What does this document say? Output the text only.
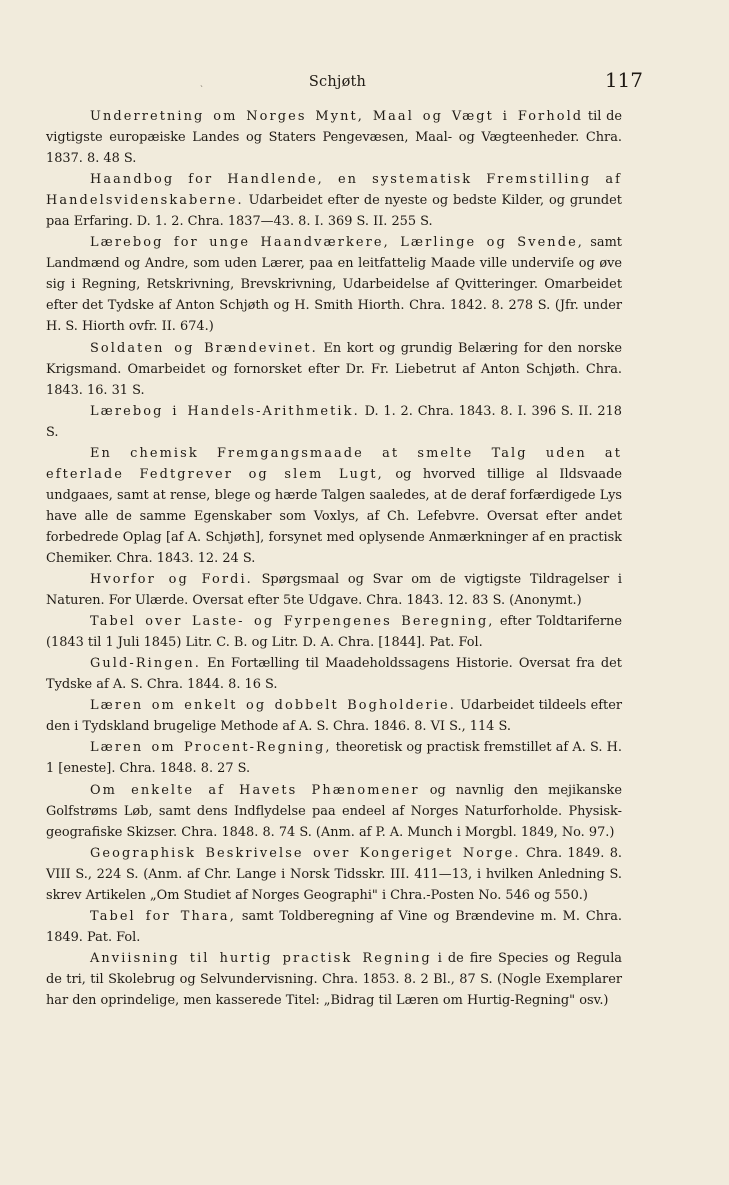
ˎ	Schjøth	117

Underretning om Norges Mynt, Maal og Vægt i Forhold til de vigtigste europæiske Landes og Staters Pengevæsen, Maal- og Vægteenheder. Chra. 1837. 8. 48 S.

Haandbog for Handlende, en systematisk Fremstilling af Handelsvidenskaberne. Udarbeidet efter de nyeste og bedste Kilder, og grundet paa Erfaring. D. 1. 2. Chra. 1837—43. 8. I. 369 S. II. 255 S.

Lærebog for unge Haandværkere, Lærlinge og Svende, samt Landmænd og Andre, som uden Lærer, paa en leitfattelig Maade ville underviſe og øve sig i Regning, Retskrivning, Brevskrivning, Udarbeidelse af Qvitteringer. Omarbeidet efter det Tydske af Anton Schjøth og H. Smith Hiorth. Chra. 1842. 8. 278 S. (Jfr. under H. S. Hiorth ovfr. II. 674.)

Soldaten og Brændevinet. En kort og grundig Belæring for den norske Krigsmand. Omarbeidet og fornorsket efter Dr. Fr. Liebetrut af Anton Schjøth. Chra. 1843. 16. 31 S.

Lærebog i Handels-Arithmetik. D. 1. 2. Chra. 1843. 8. I. 396 S. II. 218 S.

En chemisk Fremgangsmaade at smelte Talg uden at efterlade Fedtgrever og slem Lugt, og hvorved tillige al Ildsvaade undgaaes, samt at rense, blege og hærde Talgen saaledes, at de deraf forfærdigede Lys have alle de samme Egenskaber som Voxlys, af Ch. Lefebvre. Oversat efter andet forbedrede Oplag [af A. Schjøth], forsynet med oplysende Anmærkninger af en practisk Chemiker. Chra. 1843. 12. 24 S.

Hvorfor og Fordi. Spørgsmaal og Svar om de vigtigste Tildragelser i Naturen. For Ulærde. Oversat efter 5te Udgave. Chra. 1843. 12. 83 S. (Anonymt.)

Tabel over Laste- og Fyrpengenes Beregning, efter Toldtariferne (1843 til 1 Juli 1845) Litr. C. B. og Litr. D. A. Chra. [1844]. Pat. Fol.

Guld-Ringen. En Fortælling til Maadeholdssagens Historie. Oversat fra det Tydske af A. S. Chra. 1844. 8. 16 S.

Læren om enkelt og dobbelt Bogholderie. Udarbeidet tildeels efter den i Tydskland brugelige Methode af A. S. Chra. 1846. 8. VI S., 114 S.

Læren om Procent-Regning, theoretisk og practisk fremstillet af A. S. H. 1 [eneste]. Chra. 1848. 8. 27 S.

Om enkelte af Havets Phænomener og navnlig den mejikanske Golfstrøms Løb, samt dens Indflydelse paa endeel af Norges Naturforholde. Physisk-geografiske Skizser. Chra. 1848. 8. 74 S. (Anm. af P. A. Munch i Morgbl. 1849, No. 97.)

Geographisk Beskrivelse over Kongeriget Norge. Chra. 1849. 8. VIII S., 224 S. (Anm. af Chr. Lange i Norsk Tidsskr. III. 411—13, i hvilken Anledning S. skrev Artikelen „Om Studiet af Norges Geographi" i Chra.-Posten No. 546 og 550.)

Tabel for Thara, samt Toldberegning af Vine og Brændevine m. M. Chra. 1849. Pat. Fol.

Anviisning til hurtig practisk Regning i de fire Species og Regula de tri, til Skolebrug og Selvundervisning. Chra. 1853. 8. 2 Bl., 87 S. (Nogle Exemplarer har den oprindelige, men kasserede Titel: „Bidrag til Læren om Hurtig-Regning" osv.)
